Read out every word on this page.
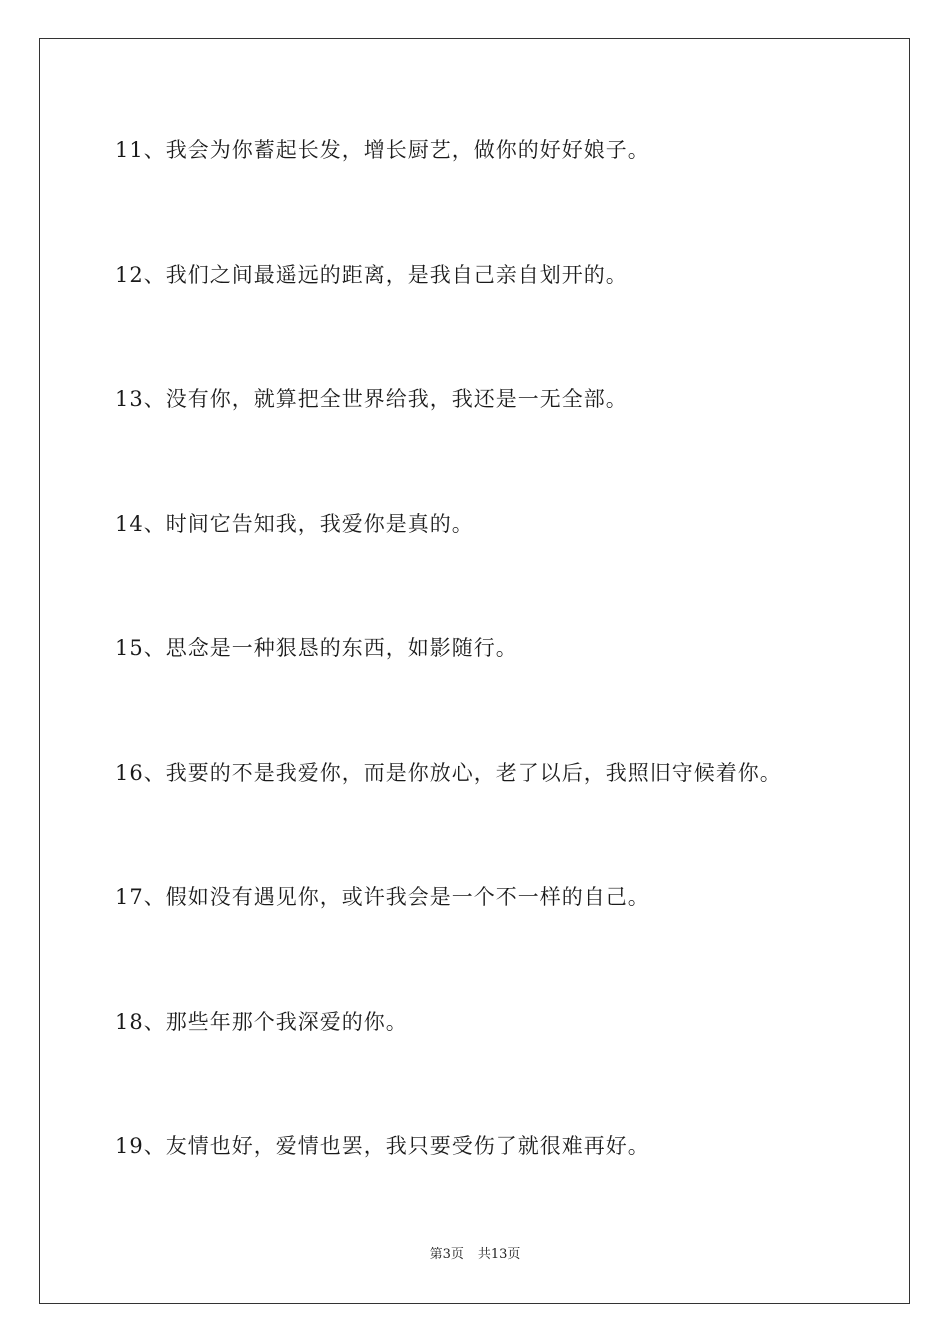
11、我会为你蓄起长发，增长厨艺，做你的好好娘子。
12、我们之间最遥远的距离，是我自己亲自划开的。
13、没有你，就算把全世界给我，我还是一无全部。
14、时间它告知我，我爱你是真的。
15、思念是一种狠恳的东西，如影随行。
16、我要的不是我爱你，而是你放心，老了以后，我照旧守候着你。
17、假如没有遇见你，或许我会是一个不一样的自己。
18、那些年那个我深爱的你。
19、友情也好，爱情也罢，我只要受伤了就很难再好。
第3页 共13页
